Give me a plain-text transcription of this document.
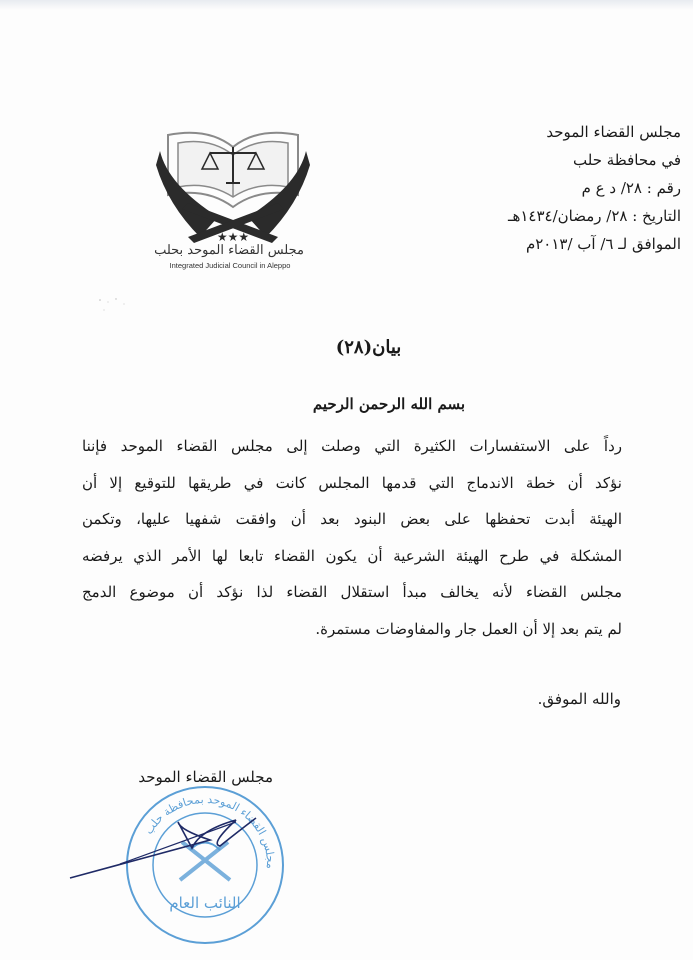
مجلس القضاء الموحد
في محافظة حلب
رقم : ٢٨/ د ع م
التاريخ : ٢٨/ رمضان/١٤٣٤هـ
الموافق لـ ٦/ آب /٢٠١٣م
★★★
مجلس القضاء الموحد بحلب
Integrated Judicial Council in Aleppo
بيان(٢٨)
بسم الله الرحمن الرحيم
رداً على الاستفسارات الكثيرة التي وصلت إلى مجلس القضاء الموحد فإننا
نؤكد أن خطة الاندماج التي قدمها المجلس كانت في طريقها للتوقيع إلا أن
الهيئة أبدت تحفظها على بعض البنود بعد أن وافقت شفهيا عليها، وتكمن
المشكلة في طرح الهيئة الشرعية أن يكون القضاء تابعا لها الأمر الذي يرفضه
مجلس القضاء لأنه يخالف مبدأ استقلال القضاء لذا نؤكد أن موضوع الدمج
لم يتم بعد إلا أن العمل جار والمفاوضات مستمرة.
والله الموفق.
مجلس القضاء الموحد
مجلس القضاء الموحد بمحافظة حلب
النائب العام
